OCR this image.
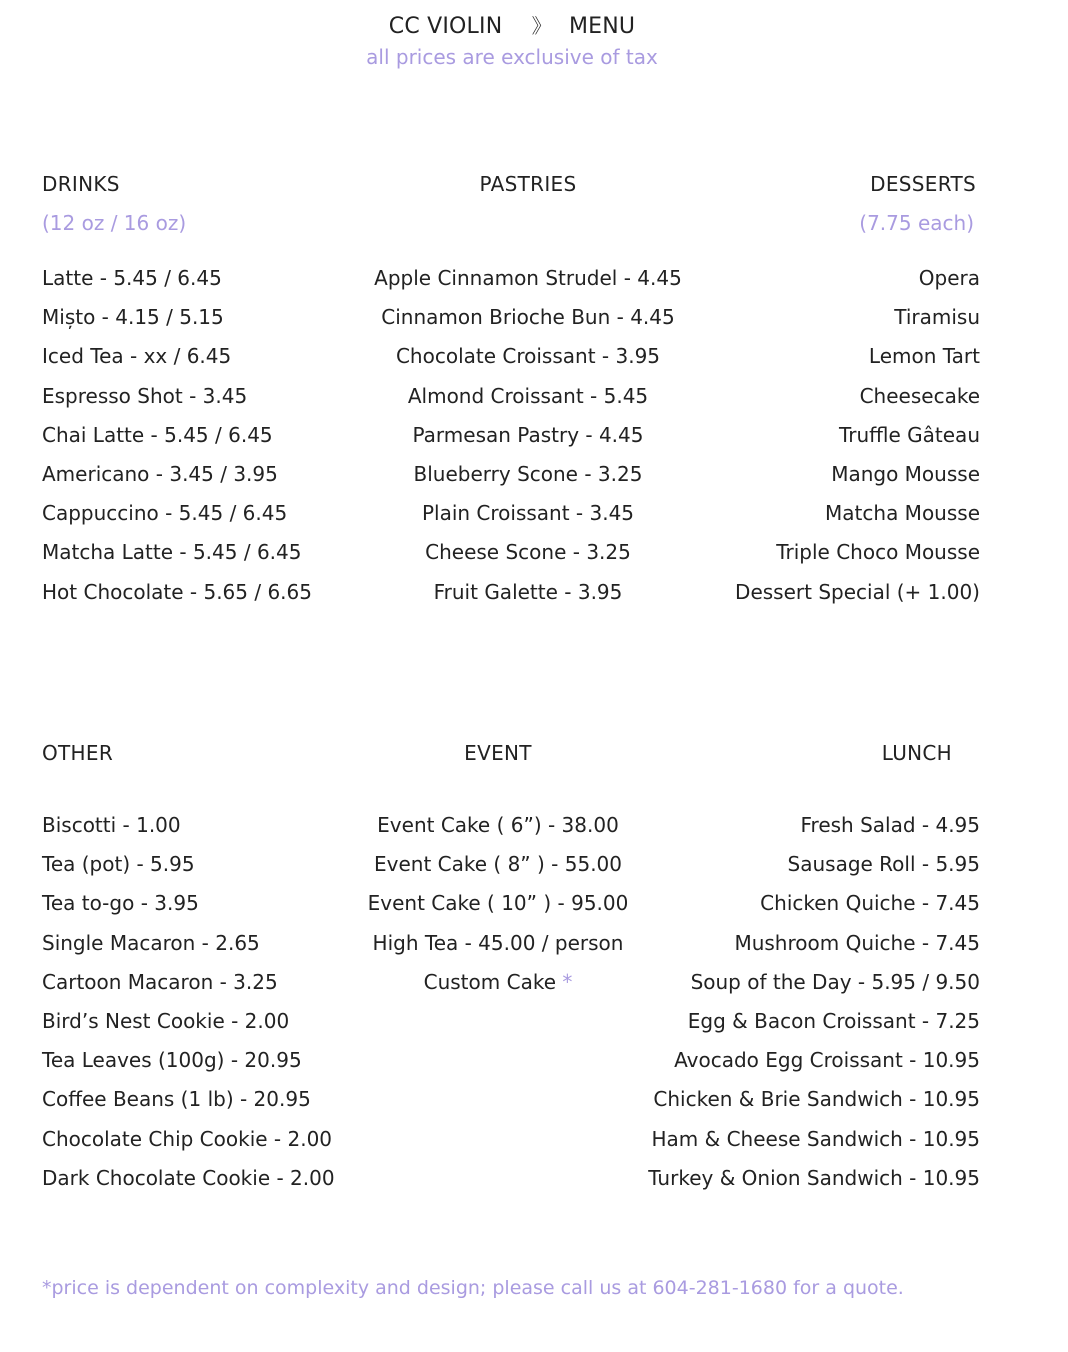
CC VIOLIN 》 MENU
all prices are exclusive of tax
DRINKS
(12 oz / 16 oz)
Latte - 5.45 / 6.45
Mișto - 4.15 / 5.15
Iced Tea - xx / 6.45
Espresso Shot - 3.45
Chai Latte - 5.45 / 6.45
Americano - 3.45 / 3.95
Cappuccino - 5.45 / 6.45
Matcha Latte - 5.45 / 6.45
Hot Chocolate - 5.65 / 6.65
PASTRIES
Apple Cinnamon Strudel - 4.45
Cinnamon Brioche Bun - 4.45
Chocolate Croissant - 3.95
Almond Croissant - 5.45
Parmesan Pastry - 4.45
Blueberry Scone - 3.25
Plain Croissant - 3.45
Cheese Scone - 3.25
Fruit Galette - 3.95
DESSERTS
(7.75 each)
Opera
Tiramisu
Lemon Tart
Cheesecake
Truffle Gâteau
Mango Mousse
Matcha Mousse
Triple Choco Mousse
Dessert Special (+ 1.00)
OTHER
Biscotti - 1.00
Tea (pot) - 5.95
Tea to-go - 3.95
Single Macaron - 2.65
Cartoon Macaron - 3.25
Bird’s Nest Cookie - 2.00
Tea Leaves (100g) - 20.95
Coffee Beans (1 lb) - 20.95
Chocolate Chip Cookie - 2.00
Dark Chocolate Cookie - 2.00
EVENT
Event Cake ( 6”) - 38.00
Event Cake ( 8” ) - 55.00
Event Cake ( 10” ) - 95.00
High Tea - 45.00 / person
Custom Cake *
LUNCH
Fresh Salad - 4.95
Sausage Roll - 5.95
Chicken Quiche - 7.45
Mushroom Quiche - 7.45
Soup of the Day - 5.95 / 9.50
Egg & Bacon Croissant - 7.25
Avocado Egg Croissant - 10.95
Chicken & Brie Sandwich - 10.95
Ham & Cheese Sandwich - 10.95
Turkey & Onion Sandwich - 10.95
*price is dependent on complexity and design; please call us at 604-281-1680 for a quote.
